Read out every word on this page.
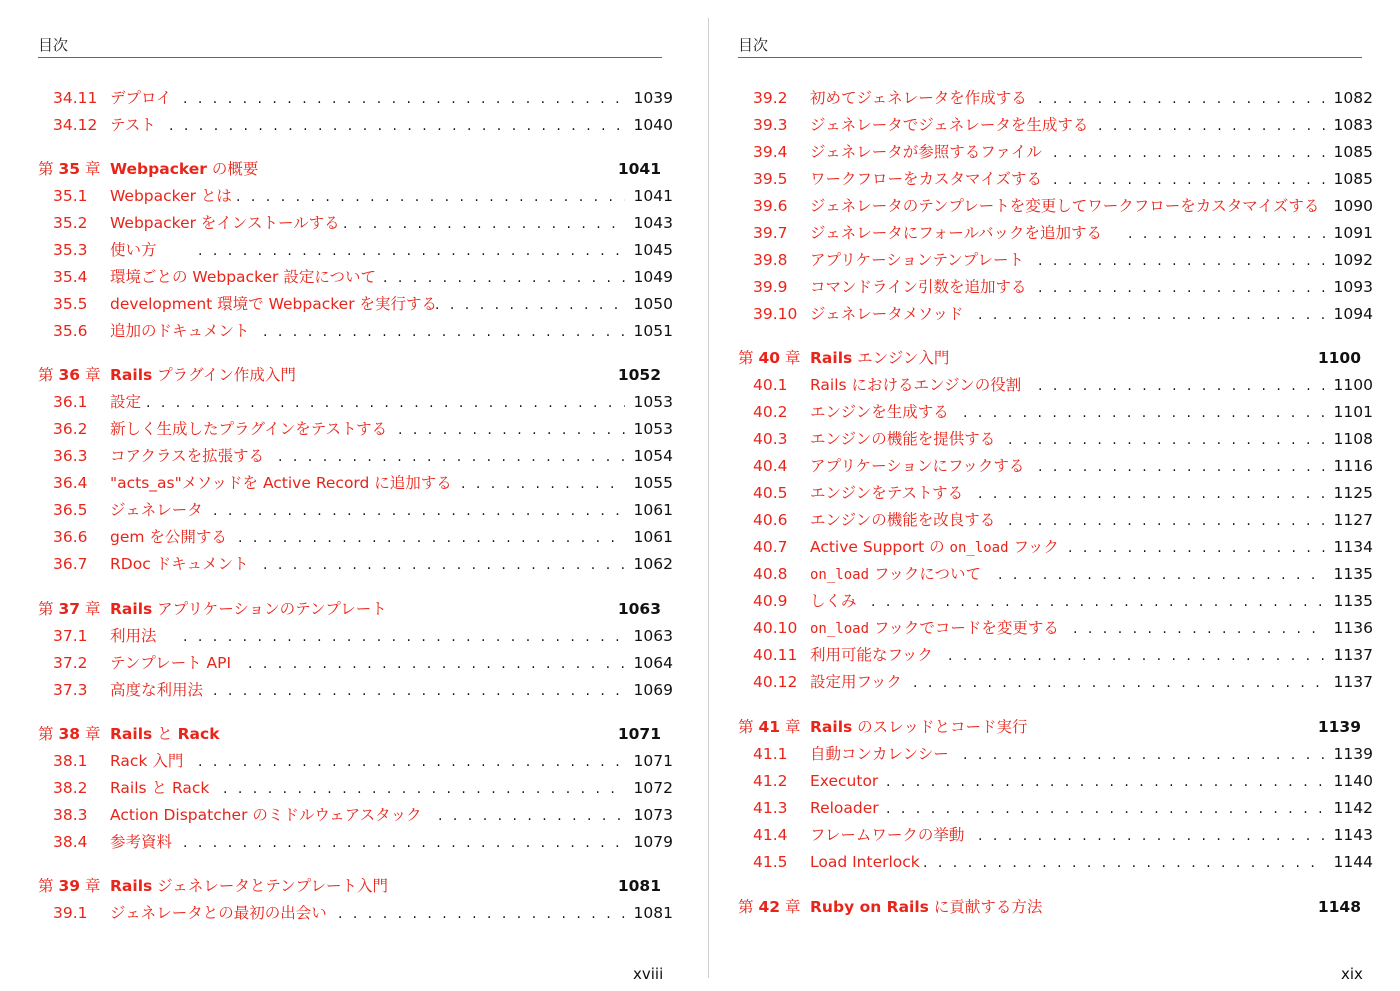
目次
34.11 デプロイ . . .	1039
34.12 テスト . . .	1040
第 35 章 Webpacker の概要	1041
35.1 Webpacker とは . . .	1041
35.2 Webpacker をインストールする . . .	1043
35.3 使い方 . . .	1045
35.4 環境ごとの Webpacker 設定について . . .	1049
35.5 development 環境で Webpacker を実行する . . .	1050
35.6 追加のドキュメント . . .	1051
第 36 章 Rails プラグイン作成入門	1052
36.1 設定 . . .	1053
36.2 新しく生成したプラグインをテストする . . .	1053
36.3 コアクラスを拡張する . . .	1054
36.4 "acts_as"メソッドを Active Record に追加する . . .	1055
36.5 ジェネレータ . . .	1061
36.6 gem を公開する . . .	1061
36.7 RDoc ドキュメント . . .	1062
第 37 章 Rails アプリケーションのテンプレート	1063
37.1 利用法 . . .	1063
37.2 テンプレート API . . .	1064
37.3 高度な利用法 . . .	1069
第 38 章 Rails と Rack	1071
38.1 Rack 入門 . . .	1071
38.2 Rails と Rack . . .	1072
38.3 Action Dispatcher のミドルウェアスタック . . .	1073
38.4 参考資料 . . .	1079
第 39 章 Rails ジェネレータとテンプレート入門	1081
39.1 ジェネレータとの最初の出会い . . .	1081
xviii
目次
39.2 初めてジェネレータを作成する . . .	1082
39.3 ジェネレータでジェネレータを生成する . . .	1083
39.4 ジェネレータが参照するファイル . . .	1085
39.5 ワークフローをカスタマイズする . . .	1085
39.6 ジェネレータのテンプレートを変更してワークフローをカスタマイズする 1090
39.7 ジェネレータにフォールバックを追加する . . .	1091
39.8 アプリケーションテンプレート . . .	1092
39.9 コマンドライン引数を追加する . . .	1093
39.10 ジェネレータメソッド . . .	1094
第 40 章 Rails エンジン入門	1100
40.1 Rails におけるエンジンの役割 . . .	1100
40.2 エンジンを生成する . . .	1101
40.3 エンジンの機能を提供する . . .	1108
40.4 アプリケーションにフックする . . .	1116
40.5 エンジンをテストする . . .	1125
40.6 エンジンの機能を改良する . . .	1127
40.7 Active Support の on_load フック . . .	1134
40.8 on_load フックについて . . .	1135
40.9 しくみ . . .	1135
40.10 on_load フックでコードを変更する . . .	1136
40.11 利用可能なフック . . .	1137
40.12 設定用フック . . .	1137
第 41 章 Rails のスレッドとコード実行	1139
41.1 自動コンカレンシー . . .	1139
41.2 Executor . . .	1140
41.3 Reloader . . .	1142
41.4 フレームワークの挙動 . . .	1143
41.5 Load Interlock . . .	1144
第 42 章 Ruby on Rails に貢献する方法	1148
xix
